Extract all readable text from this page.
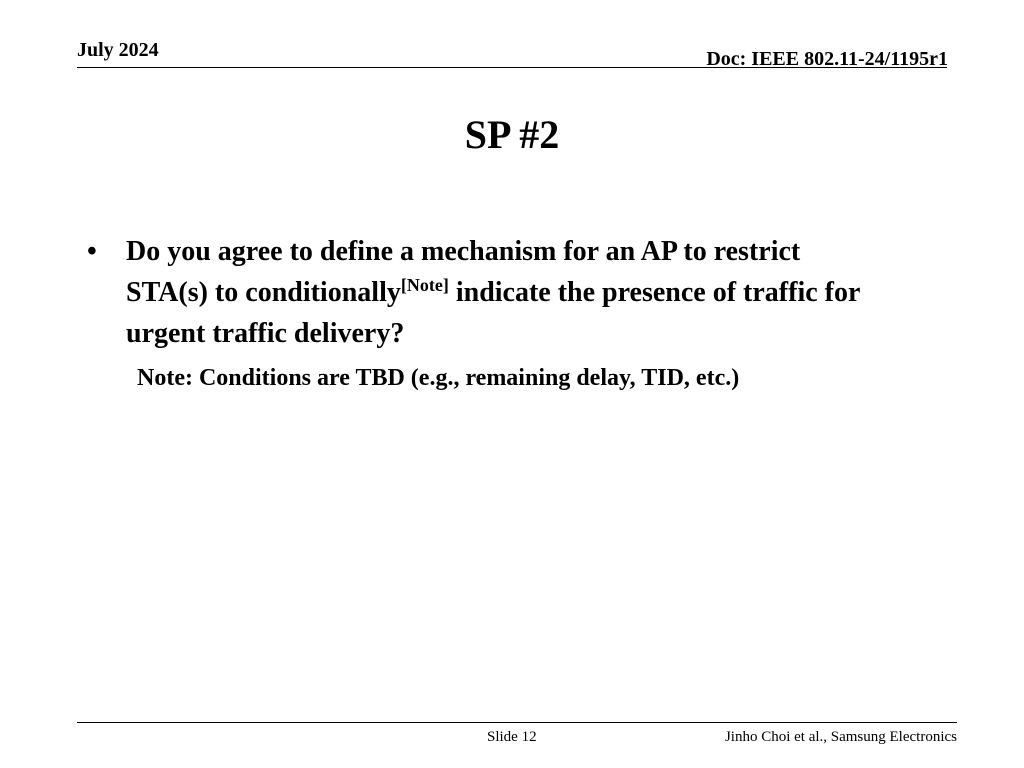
July 2024	Doc: IEEE 802.11-24/1195r1
SP #2
•	Do you agree to define a mechanism for an AP to restrict STA(s) to conditionally[Note] indicate the presence of traffic for urgent traffic delivery?
Note: Conditions are TBD (e.g., remaining delay, TID, etc.)
Slide 12	Jinho Choi et al., Samsung Electronics
